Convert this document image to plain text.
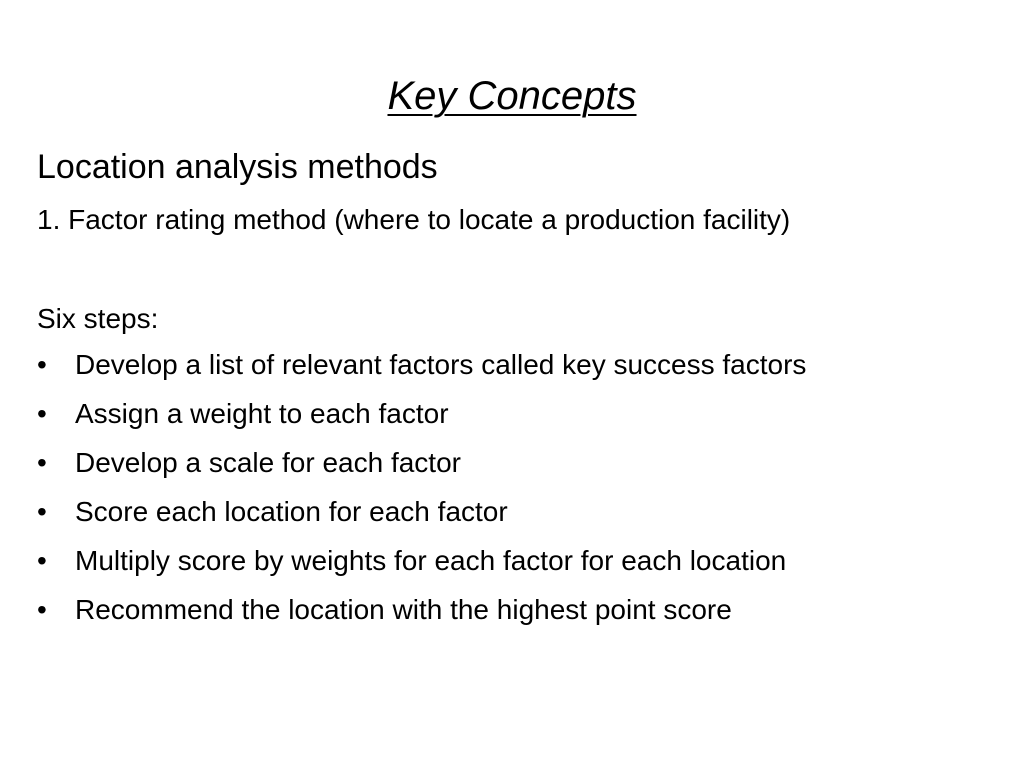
Key Concepts
Location analysis methods
1. Factor rating method (where to locate a production facility)
Six steps:
•	Develop a list of relevant factors called key success factors
•	Assign a weight to each factor
•	Develop a scale for each factor
•	Score each location for each factor
•	Multiply score by weights for each factor for each location
•	Recommend the location with the highest point score
